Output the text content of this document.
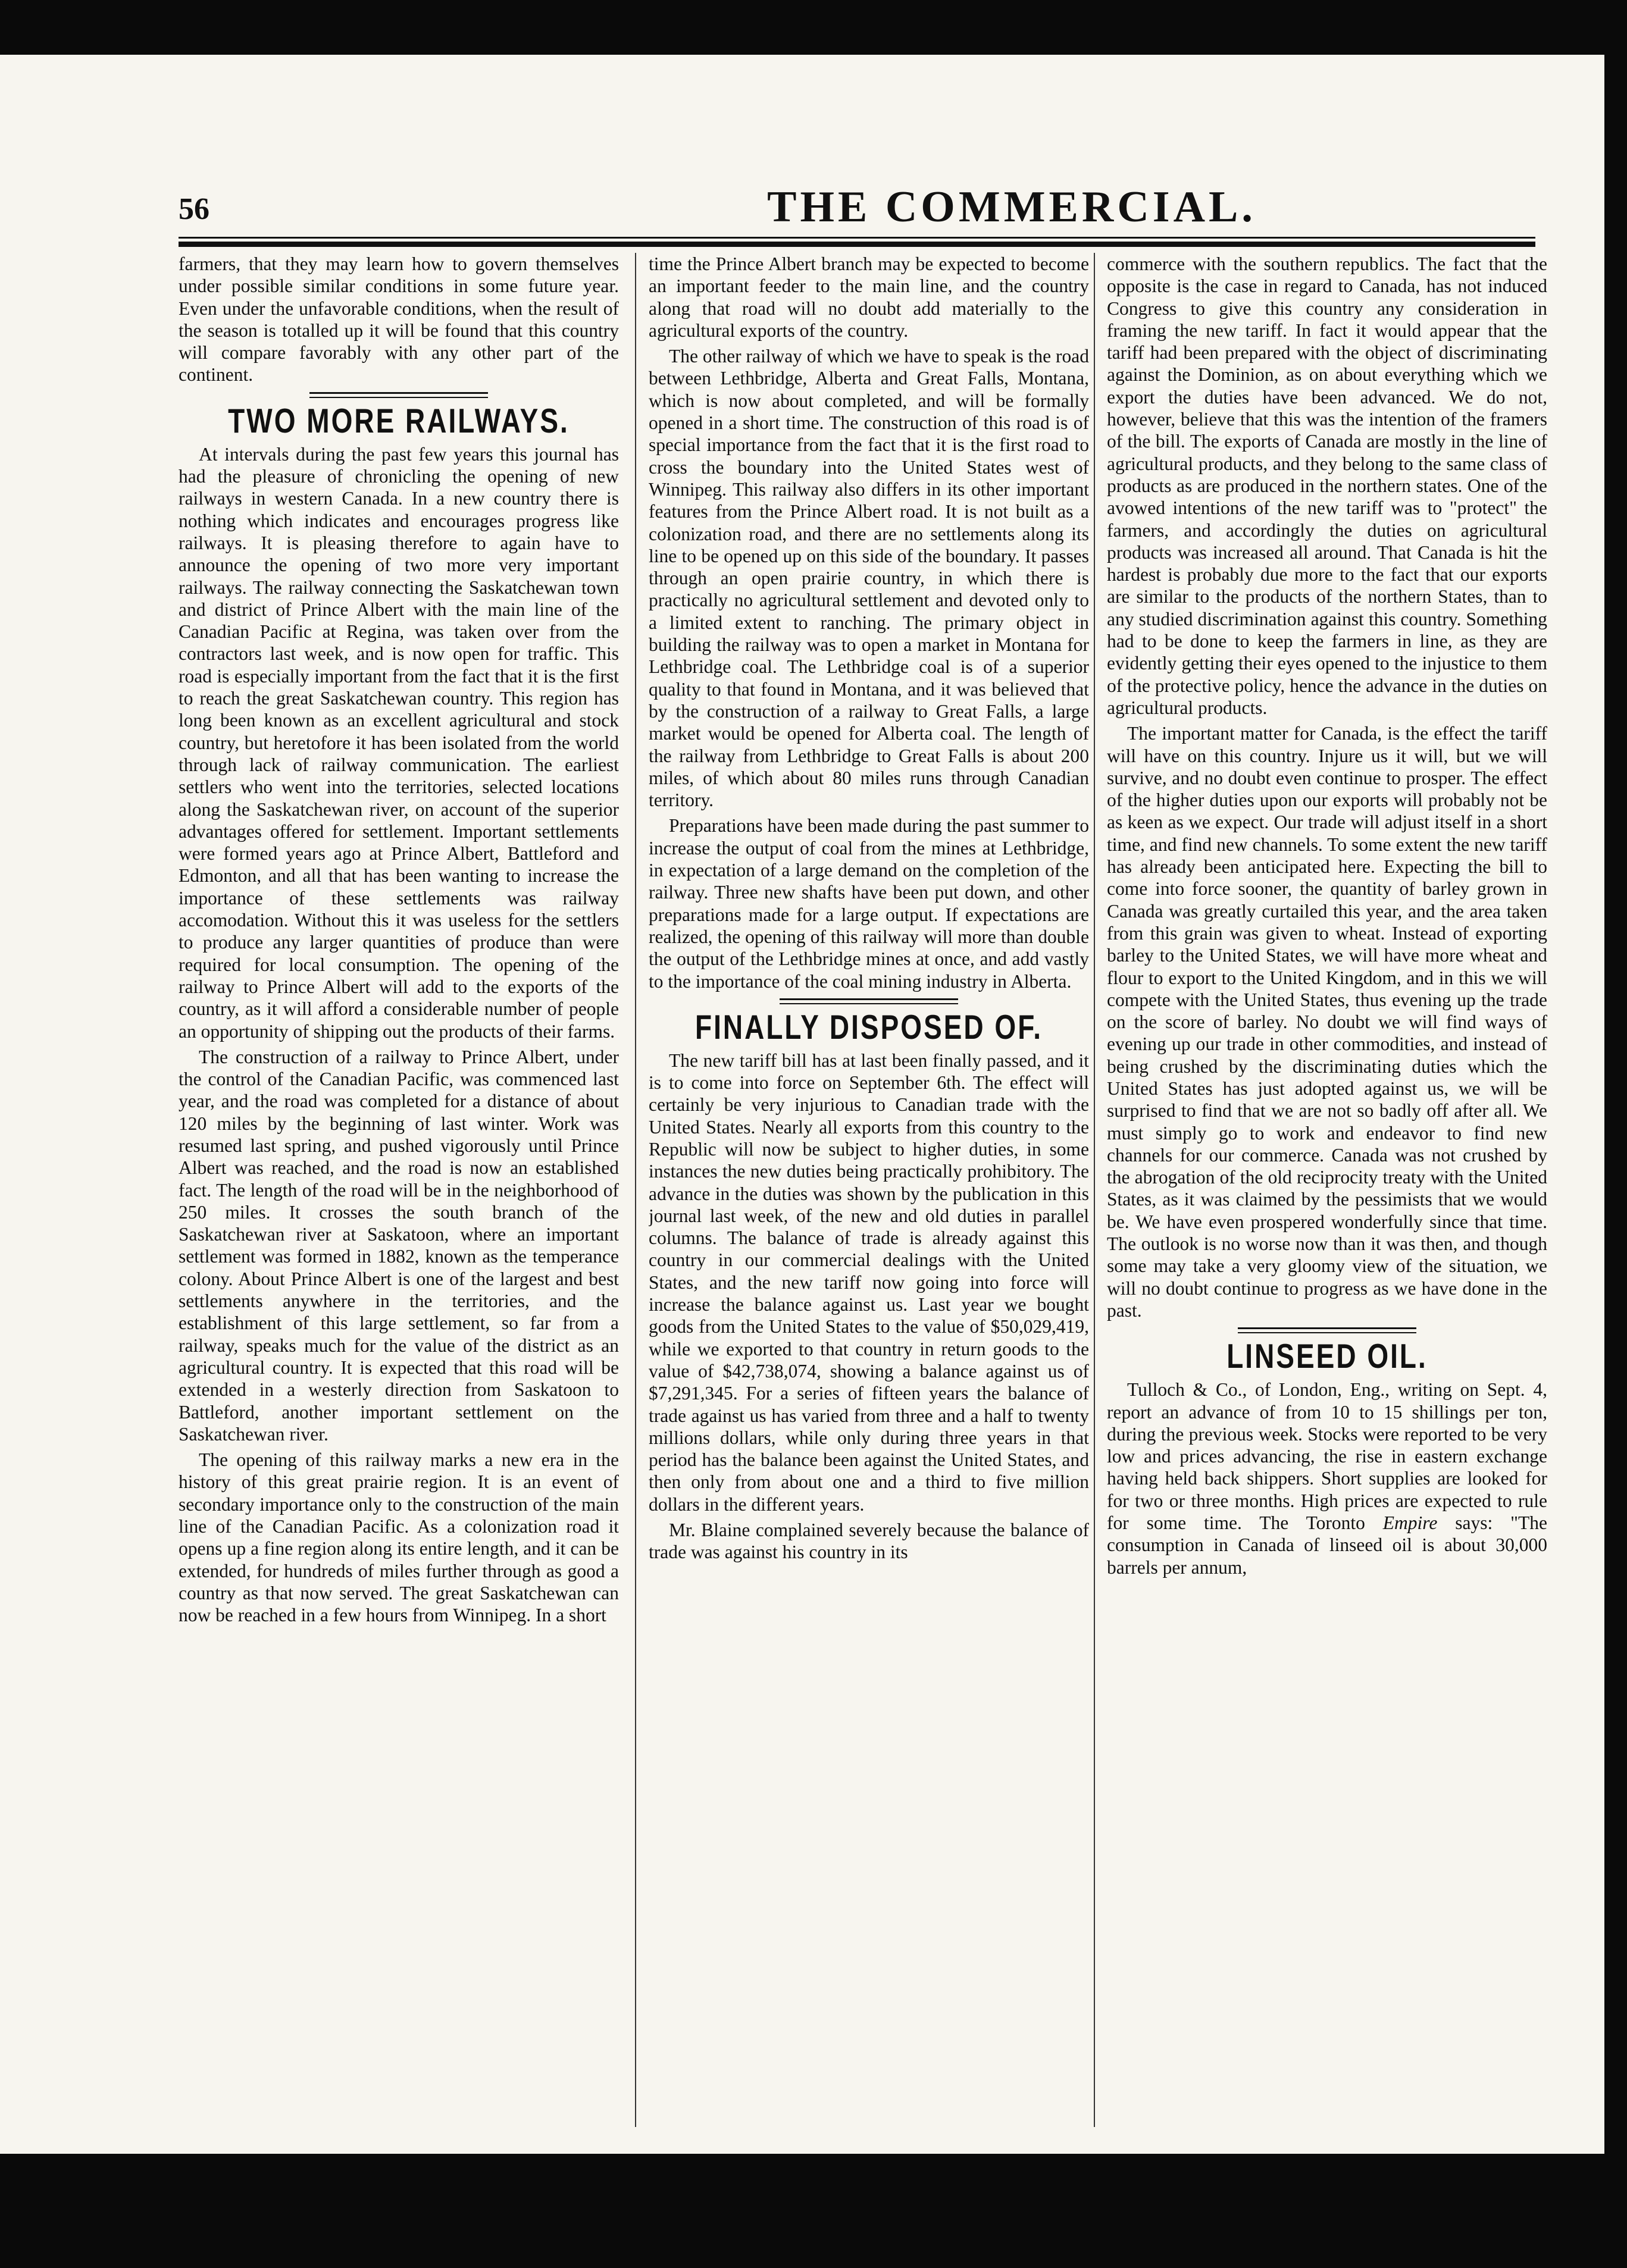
56	THE COMMERCIAL.

farmers, that they may learn how to govern themselves under possible similar conditions in some future year. Even under the unfavorable conditions, when the result of the season is totalled up it will be found that this country will compare favorably with any other part of the continent.

TWO MORE RAILWAYS.

At intervals during the past few years this journal has had the pleasure of chronicling the opening of new railways in western Canada. In a new country there is nothing which indicates and encourages progress like railways. It is pleasing therefore to again have to announce the opening of two more very important railways. The railway connecting the Saskatchewan town and district of Prince Albert with the main line of the Canadian Pacific at Regina, was taken over from the contractors last week, and is now open for traffic. This road is especially important from the fact that it is the first to reach the great Saskatchewan country. This region has long been known as an excellent agricultural and stock country, but heretofore it has been isolated from the world through lack of railway communication. The earliest settlers who went into the territories, selected locations along the Saskatchewan river, on account of the superior advantages offered for settlement. Important settlements were formed years ago at Prince Albert, Battleford and Edmonton, and all that has been wanting to increase the importance of these settlements was railway accomodation. Without this it was useless for the settlers to produce any larger quantities of produce than were required for local consumption. The opening of the railway to Prince Albert will add to the exports of the country, as it will afford a considerable number of people an opportunity of shipping out the products of their farms.

The construction of a railway to Prince Albert, under the control of the Canadian Pacific, was commenced last year, and the road was completed for a distance of about 120 miles by the beginning of last winter. Work was resumed last spring, and pushed vigorously until Prince Albert was reached, and the road is now an established fact. The length of the road will be in the neighborhood of 250 miles. It crosses the south branch of the Saskatchewan river at Saskatoon, where an important settlement was formed in 1882, known as the temperance colony. About Prince Albert is one of the largest and best settlements anywhere in the territories, and the establishment of this large settlement, so far from a railway, speaks much for the value of the district as an agricultural country. It is expected that this road will be extended in a westerly direction from Saskatoon to Battleford, another important settlement on the Saskatchewan river.

The opening of this railway marks a new era in the history of this great prairie region. It is an event of secondary importance only to the construction of the main line of the Canadian Pacific. As a colonization road it opens up a fine region along its entire length, and it can be extended, for hundreds of miles further through as good a country as that now served. The great Saskatchewan can now be reached in a few hours from Winnipeg. In a short

time the Prince Albert branch may be expected to become an important feeder to the main line, and the country along that road will no doubt add materially to the agricultural exports of the country.

The other railway of which we have to speak is the road between Lethbridge, Alberta and Great Falls, Montana, which is now about completed, and will be formally opened in a short time. The construction of this road is of special importance from the fact that it is the first road to cross the boundary into the United States west of Winnipeg. This railway also differs in its other important features from the Prince Albert road. It is not built as a colonization road, and there are no settlements along its line to be opened up on this side of the boundary. It passes through an open prairie country, in which there is practically no agricultural settlement and devoted only to a limited extent to ranching. The primary object in building the railway was to open a market in Montana for Lethbridge coal. The Lethbridge coal is of a superior quality to that found in Montana, and it was believed that by the construction of a railway to Great Falls, a large market would be opened for Alberta coal. The length of the railway from Lethbridge to Great Falls is about 200 miles, of which about 80 miles runs through Canadian territory.

Preparations have been made during the past summer to increase the output of coal from the mines at Lethbridge, in expectation of a large demand on the completion of the railway. Three new shafts have been put down, and other preparations made for a large output. If expectations are realized, the opening of this railway will more than double the output of the Lethbridge mines at once, and add vastly to the importance of the coal mining industry in Alberta.

FINALLY DISPOSED OF.

The new tariff bill has at last been finally passed, and it is to come into force on September 6th. The effect will certainly be very injurious to Canadian trade with the United States. Nearly all exports from this country to the Republic will now be subject to higher duties, in some instances the new duties being practically prohibitory. The advance in the duties was shown by the publication in this journal last week, of the new and old duties in parallel columns. The balance of trade is already against this country in our commercial dealings with the United States, and the new tariff now going into force will increase the balance against us. Last year we bought goods from the United States to the value of $50,029,419, while we exported to that country in return goods to the value of $42,738,074, showing a balance against us of $7,291,345. For a series of fifteen years the balance of trade against us has varied from three and a half to twenty millions dollars, while only during three years in that period has the balance been against the United States, and then only from about one and a third to five million dollars in the different years.

Mr. Blaine complained severely because the balance of trade was against his country in its

commerce with the southern republics. The fact that the opposite is the case in regard to Canada, has not induced Congress to give this country any consideration in framing the new tariff. In fact it would appear that the tariff had been prepared with the object of discriminating against the Dominion, as on about everything which we export the duties have been advanced. We do not, however, believe that this was the intention of the framers of the bill. The exports of Canada are mostly in the line of agricultural products, and they belong to the same class of products as are produced in the northern states. One of the avowed intentions of the new tariff was to "protect" the farmers, and accordingly the duties on agricultural products was increased all around. That Canada is hit the hardest is probably due more to the fact that our exports are similar to the products of the northern States, than to any studied discrimination against this country. Something had to be done to keep the farmers in line, as they are evidently getting their eyes opened to the injustice to them of the protective policy, hence the advance in the duties on agricultural products.

The important matter for Canada, is the effect the tariff will have on this country. Injure us it will, but we will survive, and no doubt even continue to prosper. The effect of the higher duties upon our exports will probably not be as keen as we expect. Our trade will adjust itself in a short time, and find new channels. To some extent the new tariff has already been anticipated here. Expecting the bill to come into force sooner, the quantity of barley grown in Canada was greatly curtailed this year, and the area taken from this grain was given to wheat. Instead of exporting barley to the United States, we will have more wheat and flour to export to the United Kingdom, and in this we will compete with the United States, thus evening up the trade on the score of barley. No doubt we will find ways of evening up our trade in other commodities, and instead of being crushed by the discriminating duties which the United States has just adopted against us, we will be surprised to find that we are not so badly off after all. We must simply go to work and endeavor to find new channels for our commerce. Canada was not crushed by the abrogation of the old reciprocity treaty with the United States, as it was claimed by the pessimists that we would be. We have even prospered wonderfully since that time. The outlook is no worse now than it was then, and though some may take a very gloomy view of the situation, we will no doubt continue to progress as we have done in the past.

LINSEED OIL.

Tulloch & Co., of London, Eng., writing on Sept. 4, report an advance of from 10 to 15 shillings per ton, during the previous week. Stocks were reported to be very low and prices advancing, the rise in eastern exchange having held back shippers. Short supplies are looked for for two or three months. High prices are expected to rule for some time. The Toronto Empire says: "The consumption in Canada of linseed oil is about 30,000 barrels per annum,
